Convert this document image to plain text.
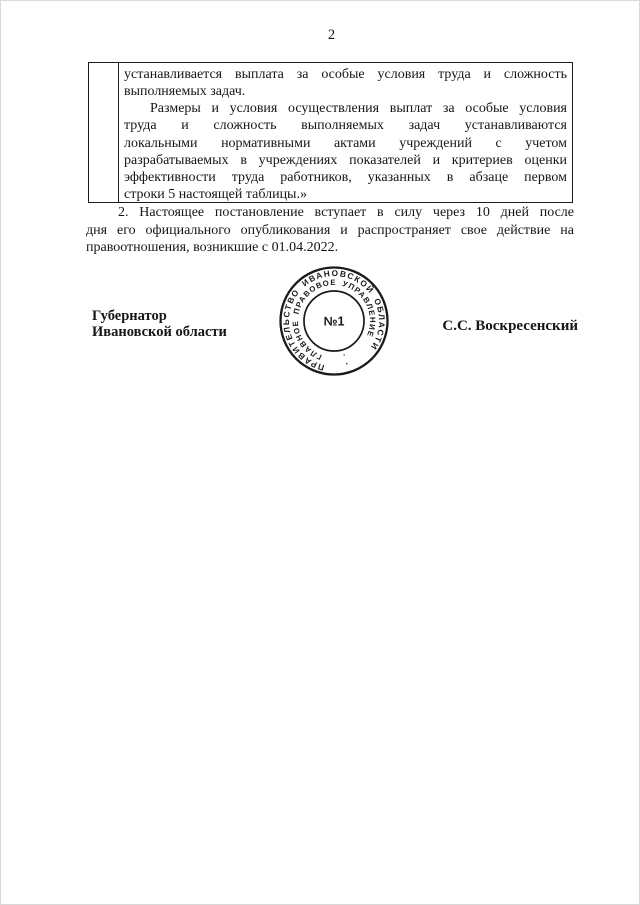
2
устанавливается выплата за особые условия труда и сложность
выполняемых задач.
Размеры и условия осуществления выплат за особые условия
труда и сложность выполняемых задач устанавливаются
локальными нормативными актами учреждений с учетом
разрабатываемых в учреждениях показателей и критериев оценки
эффективности труда работников, указанных в абзаце первом
строки 5 настоящей таблицы.»
2. Настоящее постановление вступает в силу через 10 дней после
дня его официального опубликования и распространяет свое действие на
правоотношения, возникшие с 01.04.2022.
Губернатор
Ивановской области	С.С. Воскресенский
ПРАВИТЕЛЬСТВО ИВАНОВСКОЙ ОБЛАСТИ
ГЛАВНОЕ ПРАВОВОЕ УПРАВЛЕНИЕ
·
·
№1
